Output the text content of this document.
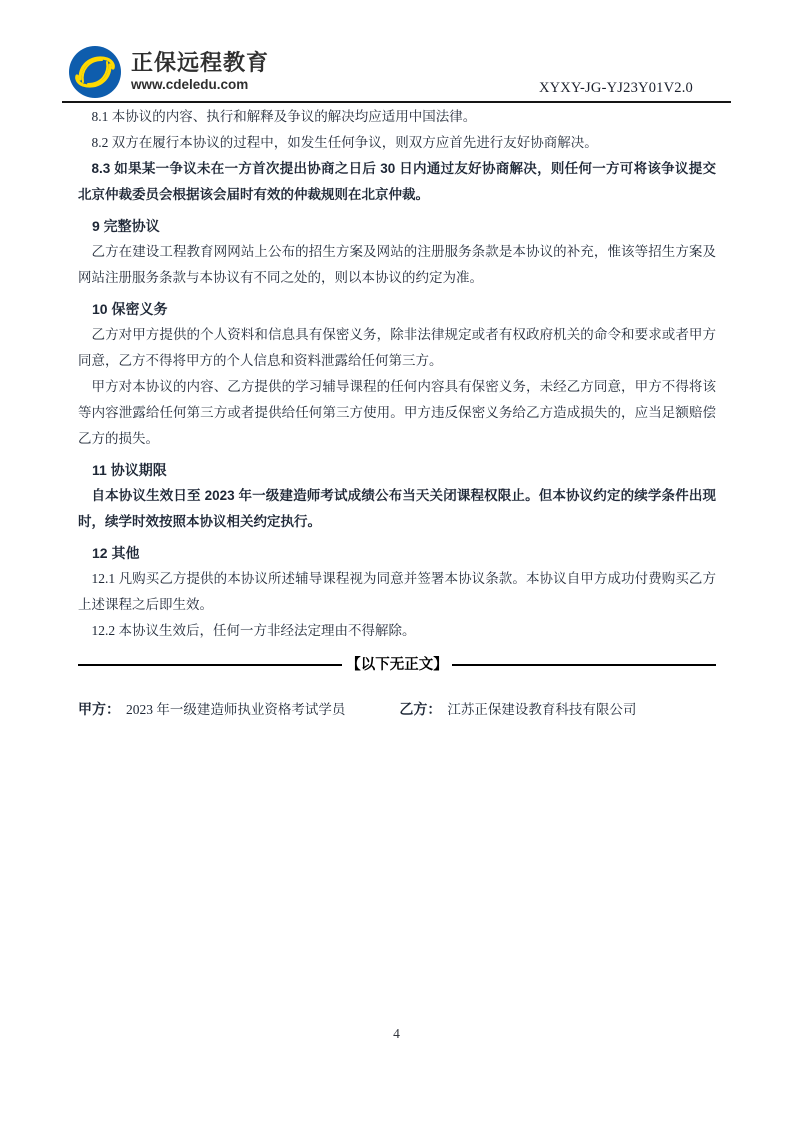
正保远程教育
www.cdeledu.com	XYXY-JG-YJ23Y01V2.0

8.1 本协议的内容、执行和解释及争议的解决均应适用中国法律。

8.2 双方在履行本协议的过程中，如发生任何争议，则双方应首先进行友好协商解决。

8.3 如果某一争议未在一方首次提出协商之日后 30 日内通过友好协商解决，则任何一方可将该争议提交北京仲裁委员会根据该会届时有效的仲裁规则在北京仲裁。

9 完整协议

乙方在建设工程教育网网站上公布的招生方案及网站的注册服务条款是本协议的补充，惟该等招生方案及网站注册服务条款与本协议有不同之处的，则以本协议的约定为准。

10 保密义务

乙方对甲方提供的个人资料和信息具有保密义务，除非法律规定或者有权政府机关的命令和要求或者甲方同意，乙方不得将甲方的个人信息和资料泄露给任何第三方。

甲方对本协议的内容、乙方提供的学习辅导课程的任何内容具有保密义务，未经乙方同意，甲方不得将该等内容泄露给任何第三方或者提供给任何第三方使用。甲方违反保密义务给乙方造成损失的，应当足额赔偿乙方的损失。

11 协议期限

自本协议生效日至 2023 年一级建造师考试成绩公布当天关闭课程权限止。但本协议约定的续学条件出现时，续学时效按照本协议相关约定执行。

12 其他

12.1 凡购买乙方提供的本协议所述辅导课程视为同意并签署本协议条款。本协议自甲方成功付费购买乙方上述课程之后即生效。

12.2 本协议生效后，任何一方非经法定理由不得解除。

【以下无正文】
甲方： 2023 年一级建造师执业资格考试学员	乙方： 江苏正保建设教育科技有限公司
4
